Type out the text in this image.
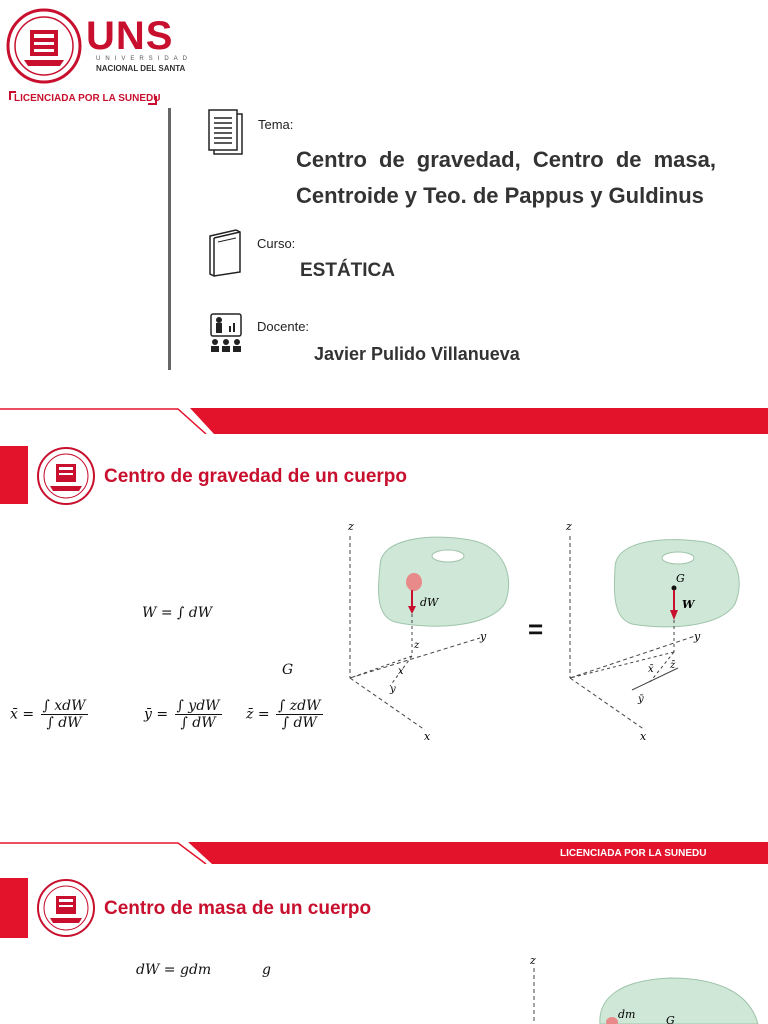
UNS
UNIVERSIDAD
NACIONAL DEL SANTA
LICENCIADA POR LA SUNEDU
Tema:
Centro de gravedad, Centro de masa, Centroide y Teo. de Pappus y Guldinus
Curso:
ESTÁTICA
Docente:
Javier Pulido Villanueva
Centro de gravedad de un cuerpo
W = ∫ dW
G
x̄ = $\frac{\text{∫ xdW}}{\int dW}$	ȳ = $\frac{\text{∫ ydW}}{\int dW}$ z̄ = $\frac{\text{∫ zdW}}{\int dW}$
z
y
x
dW
x
y
z
=
z
y
x
G
W
x̄
ȳ
z̄
LICENCIADA POR LA SUNEDU
Centro de masa de un cuerpo
dW = gdm	g
z
dm	G
